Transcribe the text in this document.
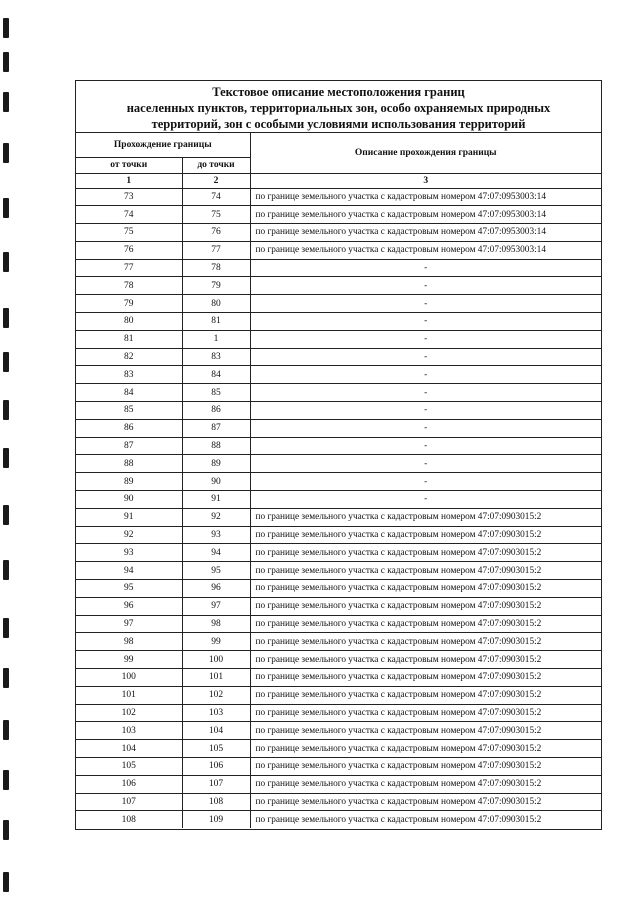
Текстовое описание местоположения границ
населенных пунктов, территориальных зон, особо охраняемых природных
территорий, зон с особыми условиями использования территорий
Прохождение границы		Описание прохождения границы
от точки	до точки	
1	2	3
73	74	по границе земельного участка с кадастровым номером 47:07:0953003:14
74	75	по границе земельного участка с кадастровым номером 47:07:0953003:14
75	76	по границе земельного участка с кадастровым номером 47:07:0953003:14
76	77	по границе земельного участка с кадастровым номером 47:07:0953003:14
77	78	-
78	79	-
79	80	-
80	81	-
81	1	-
82	83	-
83	84	-
84	85	-
85	86	-
86	87	-
87	88	-
88	89	-
89	90	-
90	91	-
91	92	по границе земельного участка с кадастровым номером 47:07:0903015:2
92	93	по границе земельного участка с кадастровым номером 47:07:0903015:2
93	94	по границе земельного участка с кадастровым номером 47:07:0903015:2
94	95	по границе земельного участка с кадастровым номером 47:07:0903015:2
95	96	по границе земельного участка с кадастровым номером 47:07:0903015:2
96	97	по границе земельного участка с кадастровым номером 47:07:0903015:2
97	98	по границе земельного участка с кадастровым номером 47:07:0903015:2
98	99	по границе земельного участка с кадастровым номером 47:07:0903015:2
99	100	по границе земельного участка с кадастровым номером 47:07:0903015:2
100	101	по границе земельного участка с кадастровым номером 47:07:0903015:2
101	102	по границе земельного участка с кадастровым номером 47:07:0903015:2
102	103	по границе земельного участка с кадастровым номером 47:07:0903015:2
103	104	по границе земельного участка с кадастровым номером 47:07:0903015:2
104	105	по границе земельного участка с кадастровым номером 47:07:0903015:2
105	106	по границе земельного участка с кадастровым номером 47:07:0903015:2
106	107	по границе земельного участка с кадастровым номером 47:07:0903015:2
107	108	по границе земельного участка с кадастровым номером 47:07:0903015:2
108	109	по границе земельного участка с кадастровым номером 47:07:0903015:2
